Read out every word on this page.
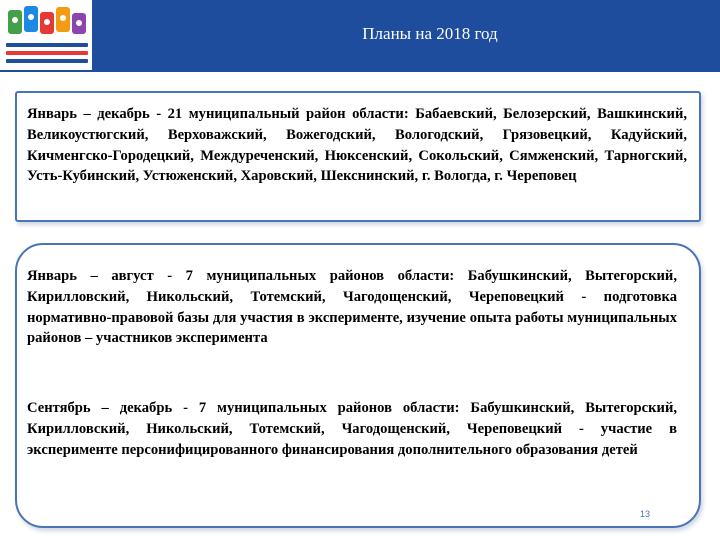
Планы на 2018 год
Январь – декабрь - 21 муниципальный район области: Бабаевский, Белозерский, Вашкинский, Великоустюгский, Верховажский, Вожегодский, Вологодский, Грязовецкий, Кадуйский, Кичменгско-Городецкий, Междуреченский, Нюксенский, Сокольский, Сямженский, Тарногский, Усть-Кубинский, Устюженский, Харовский, Шекснинский, г. Вологда, г. Череповец
Январь – август - 7 муниципальных районов области: Бабушкинский, Вытегорский, Кирилловский, Никольский, Тотемский, Чагодощенский, Череповецкий - подготовка нормативно-правовой базы для участия в эксперименте, изучение опыта работы муниципальных районов – участников эксперимента
Сентябрь – декабрь - 7 муниципальных районов области: Бабушкинский, Вытегорский, Кирилловский, Никольский, Тотемский, Чагодощенский, Череповецкий - участие в эксперименте персонифицированного финансирования дополнительного образования детей
13
